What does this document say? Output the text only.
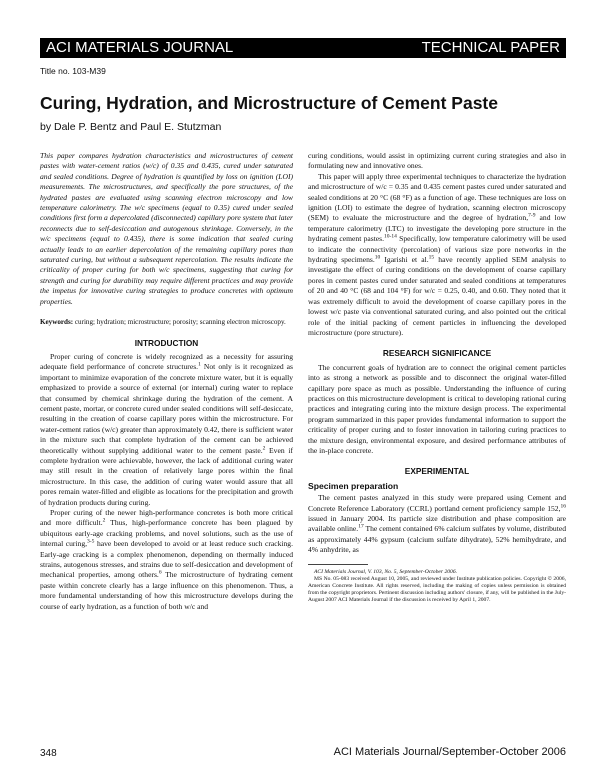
ACI MATERIALS JOURNAL	TECHNICAL PAPER
Title no. 103-M39
Curing, Hydration, and Microstructure of Cement Paste
by Dale P. Bentz and Paul E. Stutzman

This paper compares hydration characteristics and microstructures of cement pastes with water-cement ratios (w/c) of 0.35 and 0.435, cured under saturated and sealed conditions. Degree of hydration is quantified by loss on ignition (LOI) measurements. The microstructures, and specifically the pore structures, of the hydrated pastes are evaluated using scanning electron microscopy and low temperature calorimetry. The w/c specimens (equal to 0.35) cured under sealed conditions first form a depercolated (disconnected) capillary pore system that later reconnects due to self-desiccation and autogenous shrinkage. Conversely, in the w/c specimens (equal to 0.435), there is some indication that sealed curing actually leads to an earlier depercolation of the remaining capillary pores than saturated curing, but without a subsequent repercolation. The results indicate the criticality of proper curing for both w/c specimens, suggesting that curing for strength and curing for durability may require different practices and may provide the impetus for innovative curing strategies to produce concretes with optimum properties.

Keywords: curing; hydration; microstructure; porosity; scanning electron microscopy.

INTRODUCTION

Proper curing of concrete is widely recognized as a necessity for assuring adequate field performance of concrete structures.$^1$ Not only is it recognized as important to minimize evaporation of the concrete mixture water, but it is equally emphasized to provide a source of external (or internal) curing water to replace that consumed by chemical shrinkage during the hydration of the cement. A cement paste, mortar, or concrete cured under sealed conditions will self-desiccate, resulting in the creation of coarse capillary pores within the microstructure. For water-cement ratios (w/c) greater than approximately 0.42, there is sufficient water in the mixture such that complete hydration of the cement can be achieved theoretically without supplying additional water to the cement paste.$^2$ Even if complete hydration were achievable, however, the lack of additional curing water may still result in the creation of relatively large pores within the final microstructure. In this case, the addition of curing water would assure that all pores remain water-filled and eligible as locations for the precipitation and growth of hydration products during curing.

Proper curing of the newer high-performance concretes is both more critical and more difficult.$^2$ Thus, high-performance concrete has been plagued by ubiquitous early-age cracking problems, and novel solutions, such as the use of internal curing,$^{3-5}$ have been developed to avoid or at least reduce such cracking. Early-age cracking is a complex phenomenon, depending on thermally induced strains, autogenous stresses, and strains due to self-desiccation and development of mechanical properties, among others.$^6$ The microstructure of hydrating cement paste within concrete clearly has a large influence on this phenomenon. Thus, a more fundamental understanding of how this microstructure develops during the course of early hydration, as a function of both w/c and

curing conditions, would assist in optimizing current curing strategies and also in formulating new and innovative ones.

This paper will apply three experimental techniques to characterize the hydration and microstructure of w/c = 0.35 and 0.435 cement pastes cured under saturated and sealed conditions at 20 °C (68 °F) as a function of age. These techniques are loss on ignition (LOI) to estimate the degree of hydration, scanning electron microscopy (SEM) to evaluate the microstructure and the degree of hydration,$^{7-9}$ and low temperature calorimetry (LTC) to investigate the developing pore structure in the hydrating cement pastes.$^{10-14}$ Specifically, low temperature calorimetry will be used to indicate the connectivity (percolation) of various size pore networks in the hydrating specimens.$^{10}$ Igarishi et al.$^{15}$ have recently applied SEM analysis to investigate the effect of curing conditions on the development of coarse capillary pores in cement pastes cured under saturated and sealed conditions at temperatures of 20 and 40 °C (68 and 104 °F) for w/c = 0.25, 0.40, and 0.60. They noted that it was extremely difficult to avoid the development of coarse capillary pores in the lowest w/c paste via conventional saturated curing, and also pointed out the critical role of the initial packing of cement particles in influencing the developed microstructure (pore structure).

RESEARCH SIGNIFICANCE

The concurrent goals of hydration are to connect the original cement particles into as strong a network as possible and to disconnect the original water-filled capillary pore space as much as possible. Understanding the influence of curing practices on this microstructure development is critical to developing rational curing practices and integrating curing into the mixture design process. The experimental program summarized in this paper provides fundamental information to support the criticality of proper curing and to foster innovation in tailoring curing practices to the mixture design, environmental exposure, and desired performance attributes of the in-place concrete.

EXPERIMENTAL
Specimen preparation

The cement pastes analyzed in this study were prepared using Cement and Concrete Reference Laboratory (CCRL) portland cement proficiency sample 152,16 issued in January 2004. Its particle size distribution and phase composition are available online.$^{17}$ The cement contained 6% calcium sulfates by volume, distributed as approximately 44% gypsum (calcium sulfate dihydrate), 52% hemihydrate, and 4% anhydrite, as

ACI Materials Journal, V. 103, No. 5, September-October 2006.

MS No. 05-083 received August 10, 2005, and reviewed under Institute publication policies. Copyright © 2006, American Concrete Institute. All rights reserved, including the making of copies unless permission is obtained from the copyright proprietors. Pertinent discussion including authors' closure, if any, will be published in the July-August 2007 ACI Materials Journal if the discussion is received by April 1, 2007.

348	ACI Materials Journal/September-October 2006
